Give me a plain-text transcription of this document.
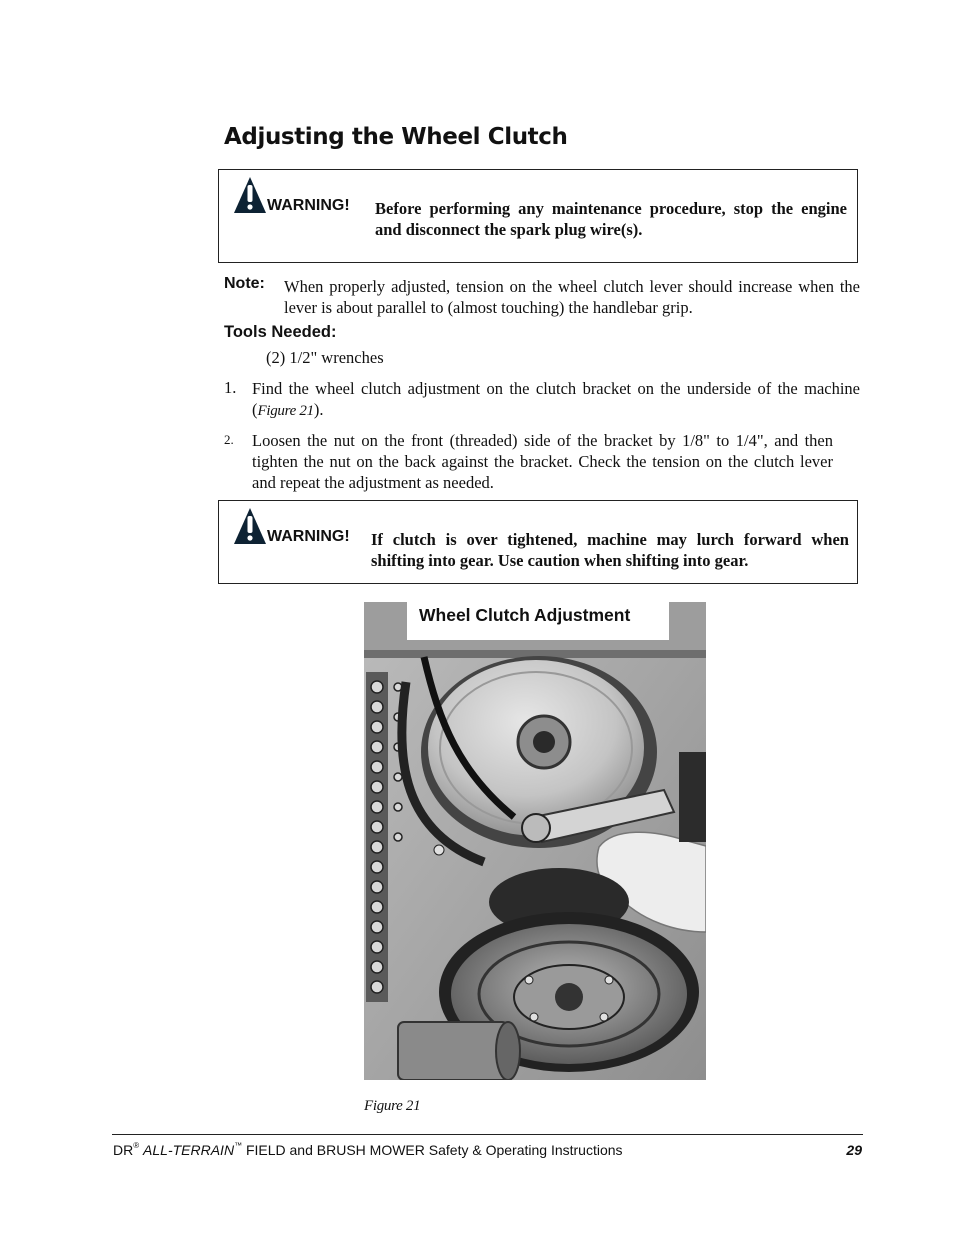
Adjusting the Wheel Clutch
WARNING! Before performing any maintenance procedure, stop the engine and disconnect the spark plug wire(s).
Note: When properly adjusted, tension on the wheel clutch lever should increase when the lever is about parallel to (almost touching) the handlebar grip.
Tools Needed:
(2) 1/2" wrenches
1. Find the wheel clutch adjustment on the clutch bracket on the underside of the machine (Figure 21).
2. Loosen the nut on the front (threaded) side of the bracket by 1/8" to 1/4", and then tighten the nut on the back against the bracket. Check the tension on the clutch lever and repeat the adjustment as needed.
WARNING! If clutch is over tightened, machine may lurch forward when shifting into gear. Use caution when shifting into gear.
Wheel Clutch Adjustment
Figure 21
DR® ALL-TERRAIN™ FIELD and BRUSH MOWER Safety & Operating Instructions	29
